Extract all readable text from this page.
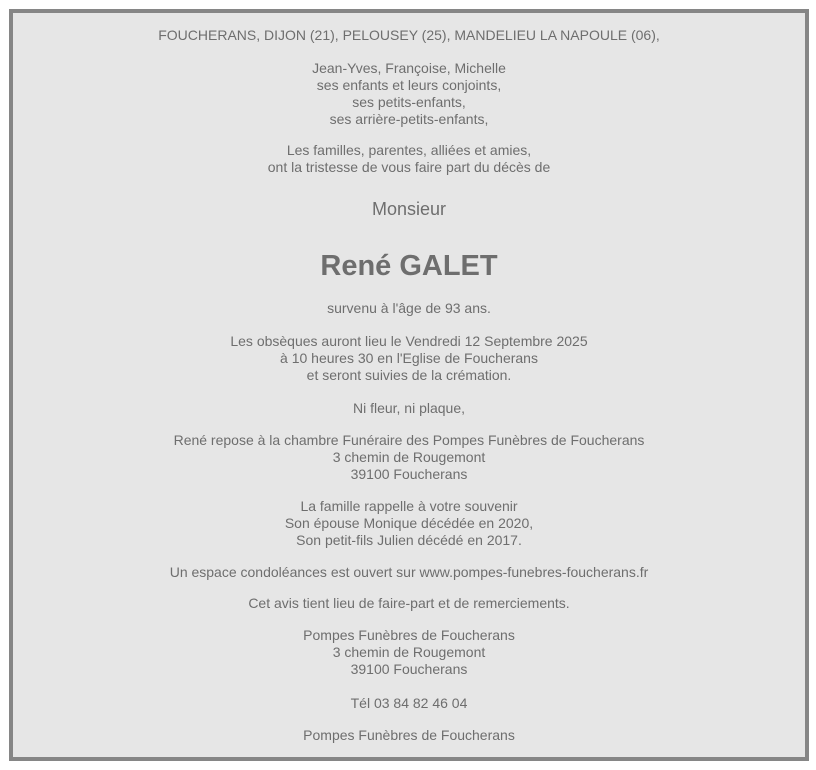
FOUCHERANS, DIJON (21), PELOUSEY (25), MANDELIEU LA NAPOULE (06),
Jean-Yves, Françoise, Michelle
ses enfants et leurs conjoints,
ses petits-enfants,
ses arrière-petits-enfants,
Les familles, parentes, alliées et amies,
ont la tristesse de vous faire part du décès de
Monsieur
René GALET
survenu à l'âge de 93 ans.
Les obsèques auront lieu le Vendredi 12 Septembre 2025
à 10 heures 30 en l'Eglise de Foucherans
et seront suivies de la crémation.
Ni fleur, ni plaque,
René repose à la chambre Funéraire des Pompes Funèbres de Foucherans
3 chemin de Rougemont
39100 Foucherans
La famille rappelle à votre souvenir
Son épouse Monique décédée en 2020,
Son petit-fils Julien décédé en 2017.
Un espace condoléances est ouvert sur www.pompes-funebres-foucherans.fr
Cet avis tient lieu de faire-part et de remerciements.
Pompes Funèbres de Foucherans
3 chemin de Rougemont
39100 Foucherans
Tél 03 84 82 46 04
Pompes Funèbres de Foucherans
